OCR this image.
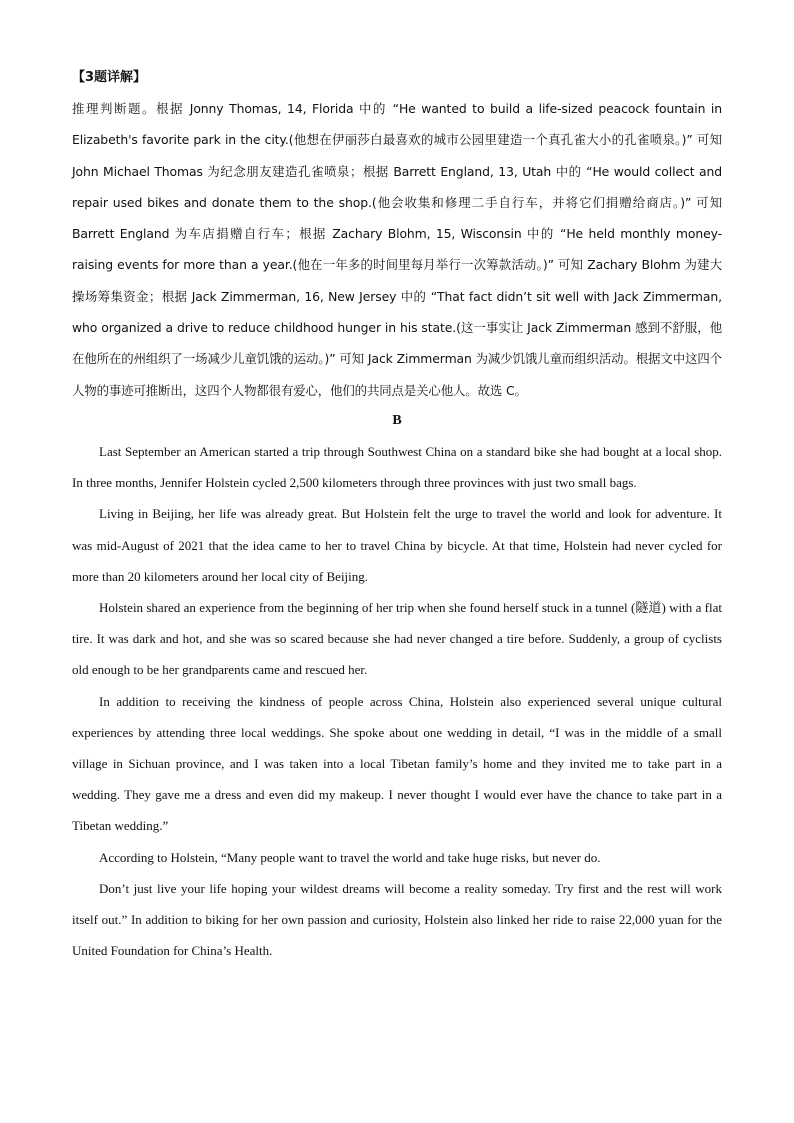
【3题详解】

推理判断题。根据 Jonny Thomas, 14, Florida 中的 “He wanted to build a life-sized peacock fountain in Elizabeth's favorite park in the city.(他想在伊丽莎白最喜欢的城市公园里建造一个真孔雀大小的孔雀喷泉。)” 可知 John Michael Thomas 为纪念朋友建造孔雀喷泉；根据 Barrett England, 13, Utah 中的 “He would collect and repair used bikes and donate them to the shop.(他会收集和修理二手自行车，并将它们捐赠给商店。)” 可知 Barrett England 为车店捐赠自行车；根据 Zachary Blohm, 15, Wisconsin 中的 “He held monthly money-raising events for more than a year.(他在一年多的时间里每月举行一次筹款活动。)” 可知 Zachary Blohm 为建大操场筹集资金；根据 Jack Zimmerman, 16, New Jersey 中的 “That fact didn’t sit well with Jack Zimmerman, who organized a drive to reduce childhood hunger in his state.(这一事实让 Jack Zimmerman 感到不舒服，他在他所在的州组织了一场减少儿童饥饿的运动。)” 可知 Jack Zimmerman 为减少饥饿儿童而组织活动。根据文中这四个人物的事迹可推断出，这四个人物都很有爱心，他们的共同点是关心他人。故选 C。

B

Last September an American started a trip through Southwest China on a standard bike she had bought at a local shop. In three months, Jennifer Holstein cycled 2,500 kilometers through three provinces with just two small bags.

Living in Beijing, her life was already great. But Holstein felt the urge to travel the world and look for adventure. It was mid-August of 2021 that the idea came to her to travel China by bicycle. At that time, Holstein had never cycled for more than 20 kilometers around her local city of Beijing.

Holstein shared an experience from the beginning of her trip when she found herself stuck in a tunnel (隧道) with a flat tire. It was dark and hot, and she was so scared because she had never changed a tire before. Suddenly, a group of cyclists old enough to be her grandparents came and rescued her.

In addition to receiving the kindness of people across China, Holstein also experienced several unique cultural experiences by attending three local weddings. She spoke about one wedding in detail, “I was in the middle of a small village in Sichuan province, and I was taken into a local Tibetan family’s home and they invited me to take part in a wedding. They gave me a dress and even did my makeup. I never thought I would ever have the chance to take part in a Tibetan wedding.”

According to Holstein, “Many people want to travel the world and take huge risks, but never do.

Don’t just live your life hoping your wildest dreams will become a reality someday. Try first and the rest will work itself out.” In addition to biking for her own passion and curiosity, Holstein also linked her ride to raise 22,000 yuan for the United Foundation for China’s Health.
